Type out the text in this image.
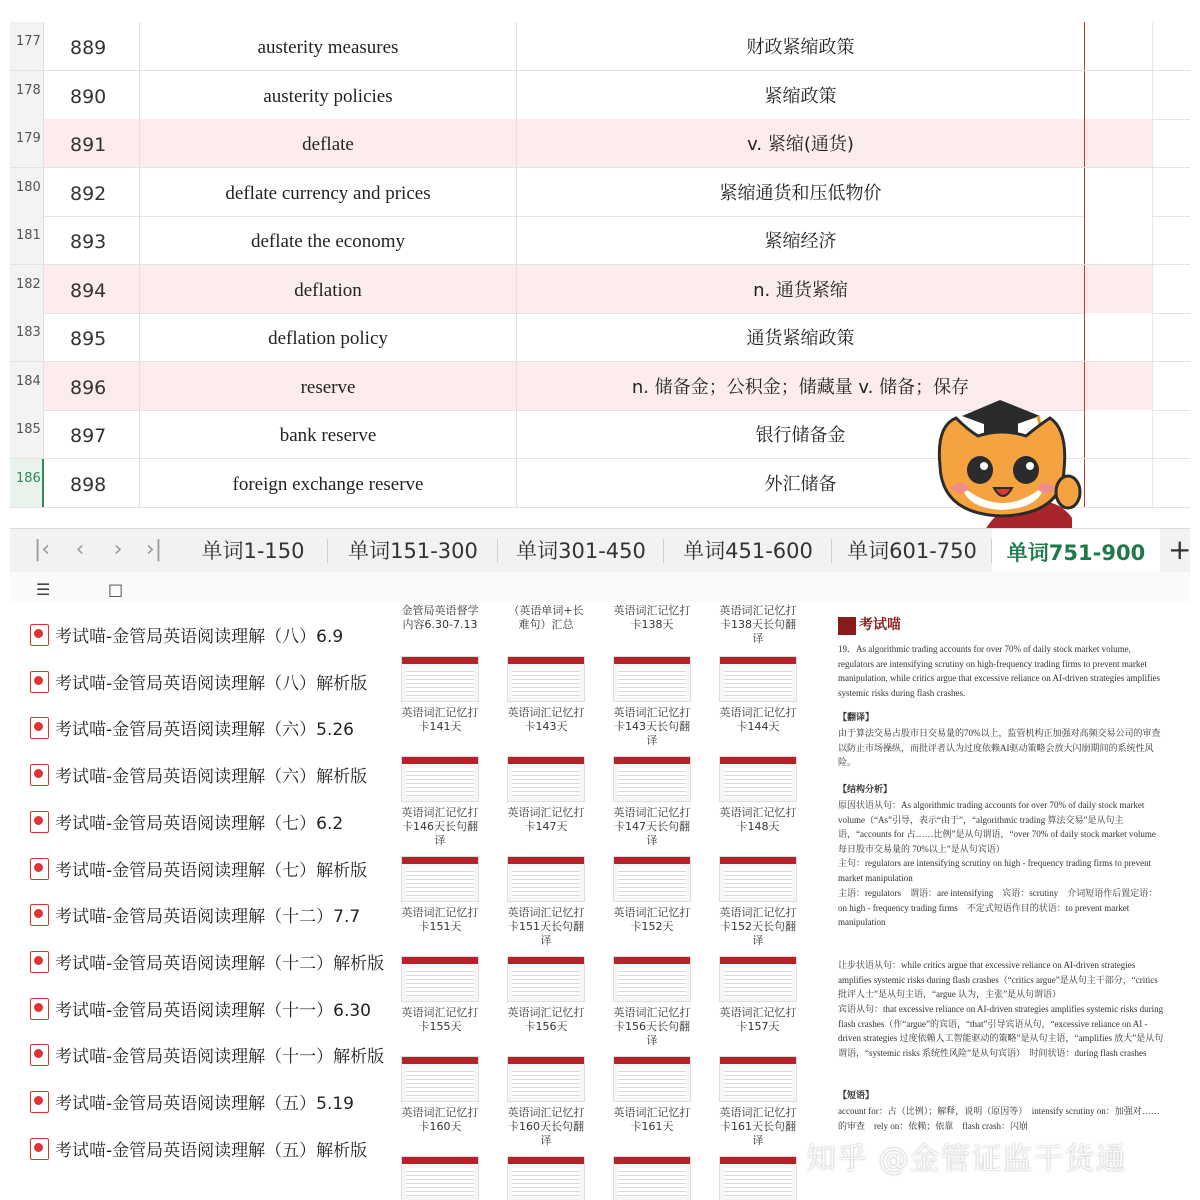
177	889	austerity measures	财政紧缩政策
178	890	austerity policies	紧缩政策
179	891	deflate	v. 紧缩(通货)
180	892	deflate currency and prices	紧缩通货和压低物价
181	893	deflate the economy	紧缩经济
182	894	deflation	n. 通货紧缩
183	895	deflation policy	通货紧缩政策
184	896	reserve	n. 储备金；公积金；储藏量 v. 储备；保存
185	897	bank reserve	银行储备金
186	898	foreign exchange reserve	外汇储备
|‹	‹	›	›|	单词1-150	单词151-300	单词301-450	单词451-600	单词601-750	单词751-900 +
☰	□
考试喵-金管局英语阅读理解（八）6.9
考试喵-金管局英语阅读理解（八）解析版
考试喵-金管局英语阅读理解（六）5.26
考试喵-金管局英语阅读理解（六）解析版
考试喵-金管局英语阅读理解（七）6.2
考试喵-金管局英语阅读理解（七）解析版
考试喵-金管局英语阅读理解（十二）7.7
考试喵-金管局英语阅读理解（十二）解析版
考试喵-金管局英语阅读理解（十一）6.30
考试喵-金管局英语阅读理解（十一）解析版
考试喵-金管局英语阅读理解（五）5.19
考试喵-金管局英语阅读理解（五）解析版
金管局英语督学内容6.30-7.13
（英语单词+长难句）汇总
英语词汇记忆打卡138天
英语词汇记忆打卡138天长句翻译
英语词汇记忆打卡141天
英语词汇记忆打卡143天
英语词汇记忆打卡143天长句翻译
英语词汇记忆打卡144天
英语词汇记忆打卡146天长句翻译
英语词汇记忆打卡147天
英语词汇记忆打卡147天长句翻译
英语词汇记忆打卡148天
英语词汇记忆打卡151天
英语词汇记忆打卡151天长句翻译
英语词汇记忆打卡152天
英语词汇记忆打卡152天长句翻译
英语词汇记忆打卡155天
英语词汇记忆打卡156天
英语词汇记忆打卡156天长句翻译
英语词汇记忆打卡157天
英语词汇记忆打卡160天
英语词汇记忆打卡160天长句翻译
英语词汇记忆打卡161天
英语词汇记忆打卡161天长句翻译
考试喵

19．As algorithmic trading accounts for over 70% of daily stock market volume, regulators are intensifying scrutiny on high-frequency trading firms to prevent market manipulation, while critics argue that excessive reliance on AI-driven strategies amplifies systemic risks during flash crashes.

【翻译】

由于算法交易占股市日交易量的70%以上，监管机构正加强对高频交易公司的审查以防止市场操纵，而批评者认为过度依赖AI驱动策略会放大闪崩期间的系统性风险。

【结构分析】

原因状语从句：As algorithmic trading accounts for over 70% of daily stock market volume（“As”引导，表示“由于”，“algorithmic trading 算法交易”是从句主语，“accounts for 占……比例”是从句谓语，“over 70% of daily stock market volume 每日股市交易量的 70%以上”是从句宾语）

主句：regulators are intensifying scrutiny on high - frequency trading firms to prevent market manipulation

主语：regulators　谓语：are intensifying　宾语：scrutiny　介词短语作后置定语：on high - frequency trading firms　不定式短语作目的状语：to prevent market manipulation

让步状语从句：while critics argue that excessive reliance on AI-driven strategies amplifies systemic risks during flash crashes（“critics argue”是从句主干部分，“critics 批评人士”是从句主语，“argue 认为，主张”是从句谓语）

宾语从句：that excessive reliance on AI-driven strategies amplifies systemic risks during flash crashes（作“argue”的宾语，“that”引导宾语从句，“excessive reliance on AI - driven strategies 过度依赖人工智能驱动的策略”是从句主语，“amplifies 放大”是从句谓语，“systemic risks 系统性风险”是从句宾语）　时间状语：during flash crashes

【短语】

account for：占（比例）；解释，说明（原因等）　intensify scrutiny on：加强对……的审查　rely on：依赖；依靠　flash crash：闪崩

知乎 @金管证监干货通
